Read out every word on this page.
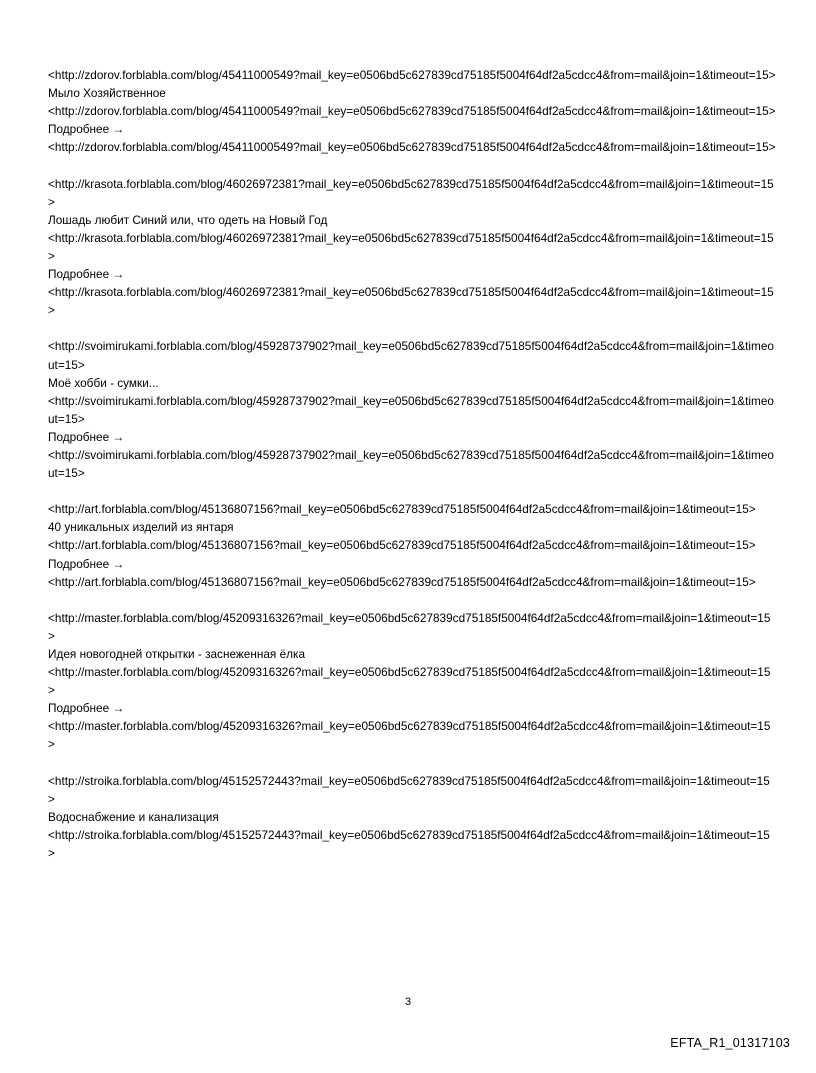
<http://zdorov.forblabla.com/blog/45411000549?mail_key=e0506bd5c627839cd75185f5004f64df2a5cdcc4&from=mail&join=1&timeout=15>
Мыло Хозяйственное
<http://zdorov.forblabla.com/blog/45411000549?mail_key=e0506bd5c627839cd75185f5004f64df2a5cdcc4&from=mail&join=1&timeout=15>
Подробнее →
<http://zdorov.forblabla.com/blog/45411000549?mail_key=e0506bd5c627839cd75185f5004f64df2a5cdcc4&from=mail&join=1&timeout=15>
<http://krasota.forblabla.com/blog/46026972381?mail_key=e0506bd5c627839cd75185f5004f64df2a5cdcc4&from=mail&join=1&timeout=15>
Лошадь любит Синий или, что одеть на Новый Год
<http://krasota.forblabla.com/blog/46026972381?mail_key=e0506bd5c627839cd75185f5004f64df2a5cdcc4&from=mail&join=1&timeout=15>
Подробнее →
<http://krasota.forblabla.com/blog/46026972381?mail_key=e0506bd5c627839cd75185f5004f64df2a5cdcc4&from=mail&join=1&timeout=15>
<http://svoimirukami.forblabla.com/blog/45928737902?mail_key=e0506bd5c627839cd75185f5004f64df2a5cdcc4&from=mail&join=1&timeout=15>
Моё хобби - сумки...
<http://svoimirukami.forblabla.com/blog/45928737902?mail_key=e0506bd5c627839cd75185f5004f64df2a5cdcc4&from=mail&join=1&timeout=15>
Подробнее →
<http://svoimirukami.forblabla.com/blog/45928737902?mail_key=e0506bd5c627839cd75185f5004f64df2a5cdcc4&from=mail&join=1&timeout=15>
<http://art.forblabla.com/blog/45136807156?mail_key=e0506bd5c627839cd75185f5004f64df2a5cdcc4&from=mail&join=1&timeout=15>
40 уникальных изделий из янтаря
<http://art.forblabla.com/blog/45136807156?mail_key=e0506bd5c627839cd75185f5004f64df2a5cdcc4&from=mail&join=1&timeout=15>
Подробнее →
<http://art.forblabla.com/blog/45136807156?mail_key=e0506bd5c627839cd75185f5004f64df2a5cdcc4&from=mail&join=1&timeout=15>
<http://master.forblabla.com/blog/45209316326?mail_key=e0506bd5c627839cd75185f5004f64df2a5cdcc4&from=mail&join=1&timeout=15>
Идея новогодней открытки - заснеженная ёлка
<http://master.forblabla.com/blog/45209316326?mail_key=e0506bd5c627839cd75185f5004f64df2a5cdcc4&from=mail&join=1&timeout=15>
Подробнее →
<http://master.forblabla.com/blog/45209316326?mail_key=e0506bd5c627839cd75185f5004f64df2a5cdcc4&from=mail&join=1&timeout=15>
<http://stroika.forblabla.com/blog/45152572443?mail_key=e0506bd5c627839cd75185f5004f64df2a5cdcc4&from=mail&join=1&timeout=15>
Водоснабжение и канализация
<http://stroika.forblabla.com/blog/45152572443?mail_key=e0506bd5c627839cd75185f5004f64df2a5cdcc4&from=mail&join=1&timeout=15>
3
EFTA_R1_01317103
